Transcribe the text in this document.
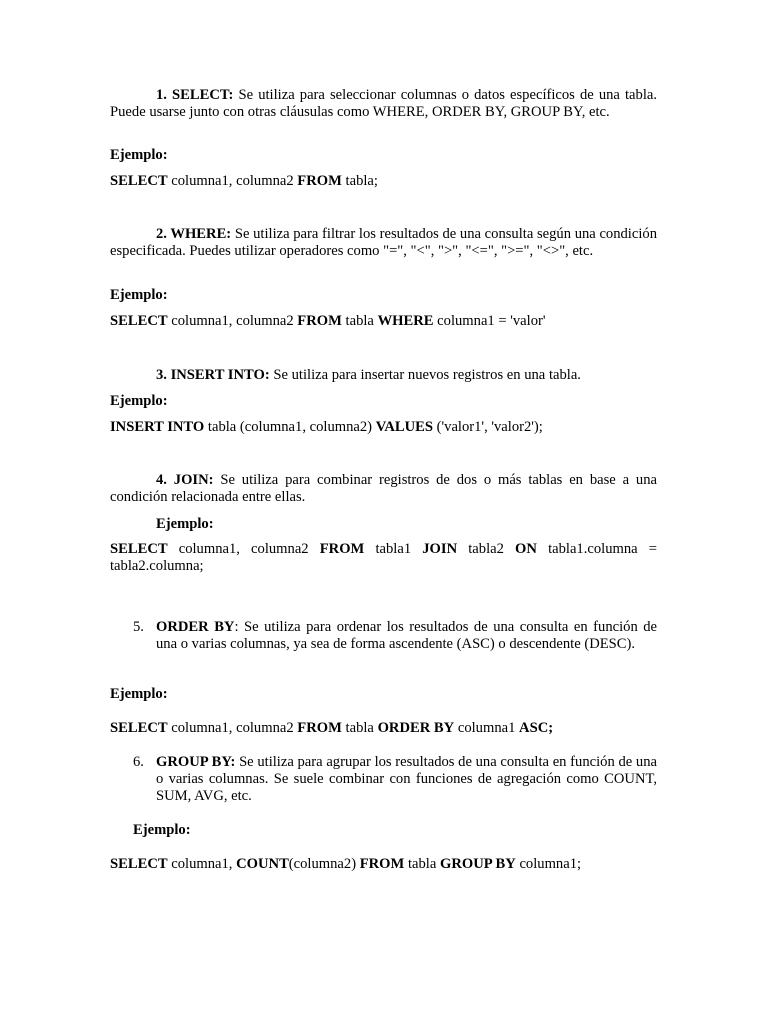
1. SELECT: Se utiliza para seleccionar columnas o datos específicos de una tabla. Puede usarse junto con otras cláusulas como WHERE, ORDER BY, GROUP BY, etc.

Ejemplo:

SELECT columna1, columna2 FROM tabla;

2. WHERE: Se utiliza para filtrar los resultados de una consulta según una condición especificada. Puedes utilizar operadores como "=", "<", ">", "<=", ">=", "<>", etc.

Ejemplo:

SELECT columna1, columna2 FROM tabla WHERE columna1 = 'valor'

3. INSERT INTO: Se utiliza para insertar nuevos registros en una tabla.

Ejemplo:

INSERT INTO tabla (columna1, columna2) VALUES ('valor1', 'valor2');

4. JOIN: Se utiliza para combinar registros de dos o más tablas en base a una condición relacionada entre ellas.

Ejemplo:

SELECT columna1, columna2 FROM tabla1 JOIN tabla2 ON tabla1.columna = tabla2.columna;

5. ORDER BY: Se utiliza para ordenar los resultados de una consulta en función de una o varias columnas, ya sea de forma ascendente (ASC) o descendente (DESC).

Ejemplo:

SELECT columna1, columna2 FROM tabla ORDER BY columna1 ASC;

6. GROUP BY: Se utiliza para agrupar los resultados de una consulta en función de una o varias columnas. Se suele combinar con funciones de agregación como COUNT, SUM, AVG, etc.

Ejemplo:

SELECT columna1, COUNT(columna2) FROM tabla GROUP BY columna1;
